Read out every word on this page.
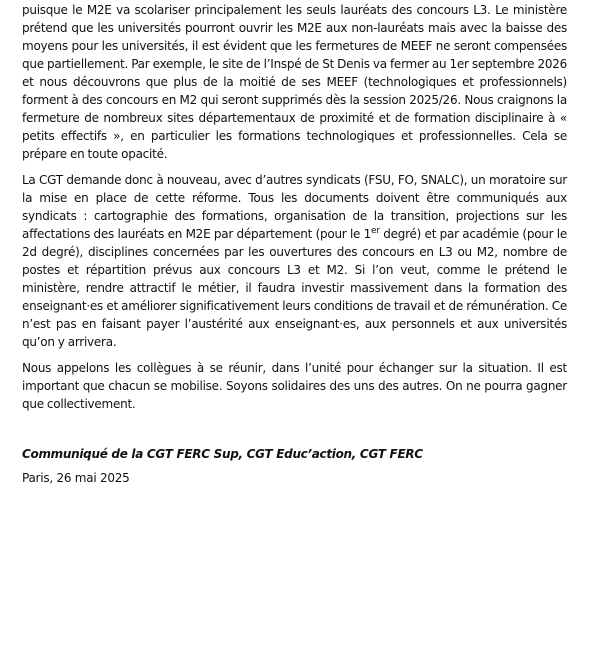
puisque le M2E va scolariser principalement les seuls lauréats des concours L3. Le ministère prétend que les universités pourront ouvrir les M2E aux non-lauréats mais avec la baisse des moyens pour les universités, il est évident que les fermetures de MEEF ne seront compensées que partiellement. Par exemple, le site de l’Inspé de St Denis va fermer au 1er septembre 2026 et nous découvrons que plus de la moitié de ses MEEF (technologiques et professionnels) forment à des concours en M2 qui seront supprimés dès la session 2025/26. Nous craignons la fermeture de nombreux sites départementaux de proximité et de formation disciplinaire à « petits effectifs », en particulier les formations technologiques et professionnelles. Cela se prépare en toute opacité.

La CGT demande donc à nouveau, avec d’autres syndicats (FSU, FO, SNALC), un moratoire sur la mise en place de cette réforme. Tous les documents doivent être communiqués aux syndicats : cartographie des formations, organisation de la transition, projections sur les affectations des lauréats en M2E par département (pour le 1er degré) et par académie (pour le 2d degré), disciplines concernées par les ouvertures des concours en L3 ou M2, nombre de postes et répartition prévus aux concours L3 et M2. Si l’on veut, comme le prétend le ministère, rendre attractif le métier, il faudra investir massivement dans la formation des enseignant·es et améliorer significativement leurs conditions de travail et de rémunération. Ce n’est pas en faisant payer l’austérité aux enseignant·es, aux personnels et aux universités qu’on y arrivera.

Nous appelons les collègues à se réunir, dans l’unité pour échanger sur la situation. Il est important que chacun se mobilise. Soyons solidaires des uns des autres. On ne pourra gagner que collectivement.

Communiqué de la CGT FERC Sup, CGT Educ’action, CGT FERC

Paris, 26 mai 2025
